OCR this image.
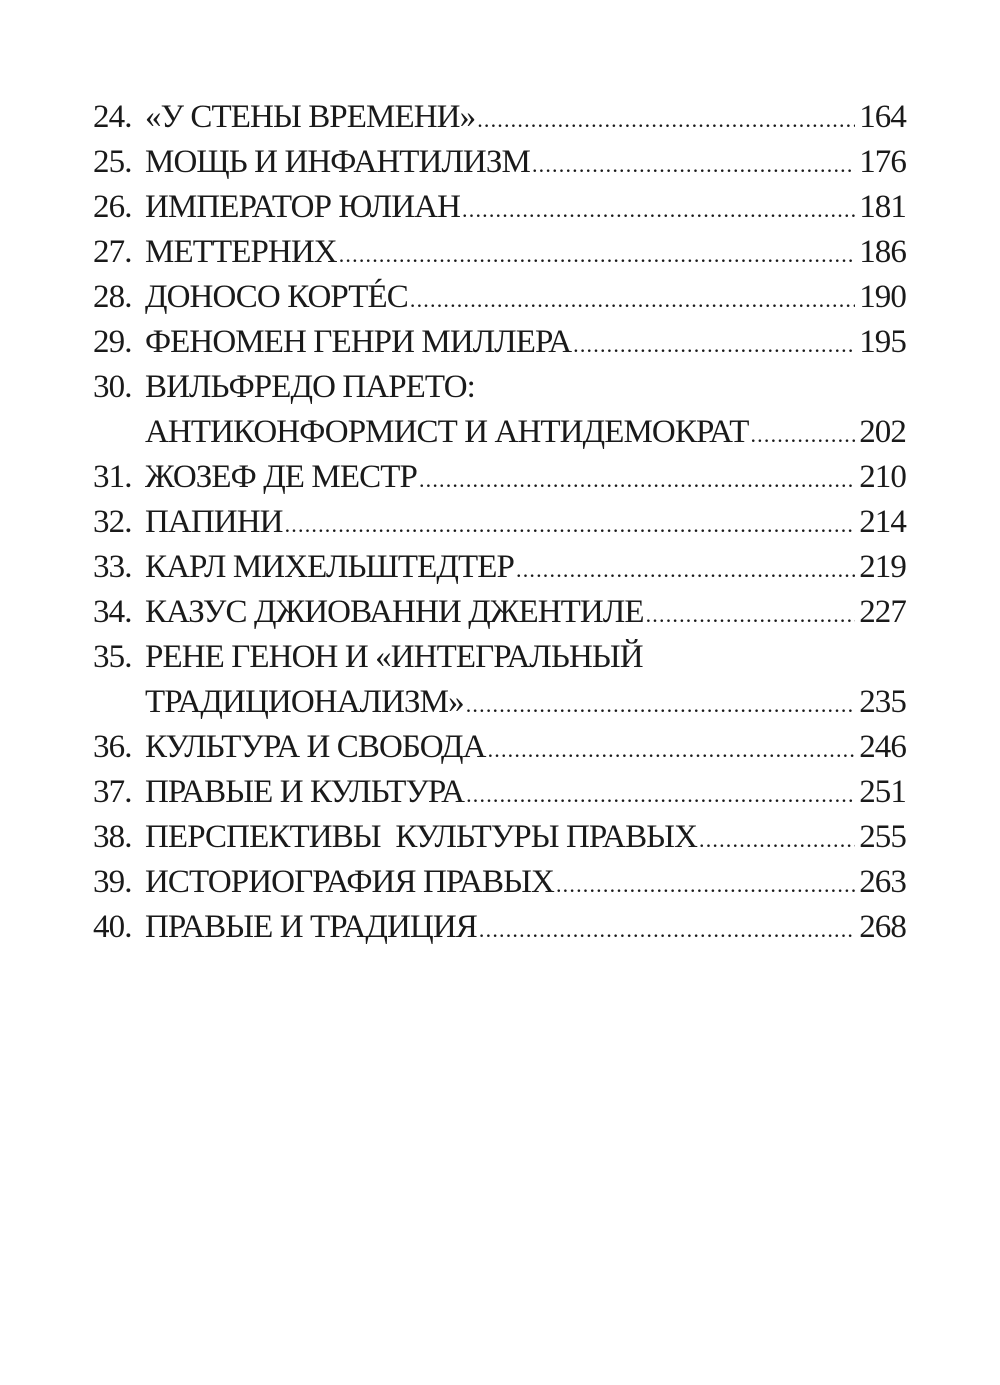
24. «У СТЕНЫ ВРЕМЕНИ» .....	164
25. МОЩЬ И ИНФАНТИЛИЗМ .....	176
26. ИМПЕРАТОР ЮЛИАН .....	181
27. МЕТТЕРНИХ .....	186
28. ДОНОСО КОРТÉС .....	190
29. ФЕНОМЕН ГЕНРИ МИЛЛЕРА .....	195
30. ВИЛЬФРЕДО ПАРЕТО:
АНТИКОНФОРМИСТ И АНТИДЕМОКРАТ .....	202
31. ЖОЗЕФ ДЕ МЕСТР .....	210
32. ПАПИНИ .....	214
33. КАРЛ МИХЕЛЬШТЕДТЕР .....	219
34. КАЗУС ДЖИОВАННИ ДЖЕНТИЛЕ .....	227
35. РЕНЕ ГЕНОН И «ИНТЕГРАЛЬНЫЙ
ТРАДИЦИОНАЛИЗМ» .....	235
36. КУЛЬТУРА И СВОБОДА .....	246
37. ПРАВЫЕ И КУЛЬТУРА .....	251
38. ПЕРСПЕКТИВЫ  КУЛЬТУРЫ ПРАВЫХ .....	255
39. ИСТОРИОГРАФИЯ ПРАВЫХ .....	263
40. ПРАВЫЕ И ТРАДИЦИЯ .....	268
